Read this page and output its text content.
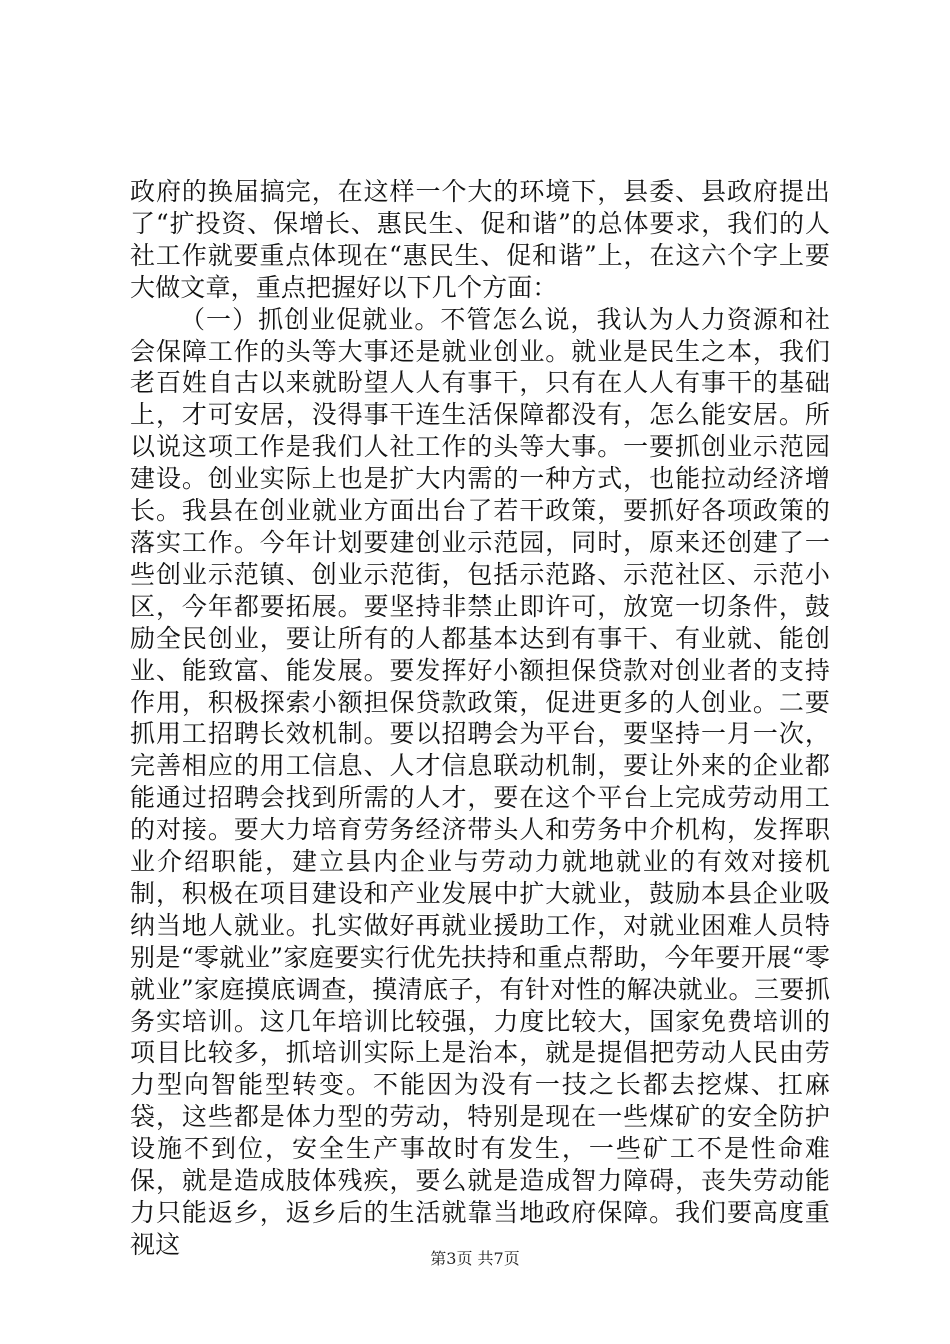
政府的换届搞完，在这样一个大的环境下，县委、县政府提出了“扩投资、保增长、惠民生、促和谐”的总体要求，我们的人社工作就要重点体现在“惠民生、促和谐”上，在这六个字上要大做文章，重点把握好以下几个方面：

（一）抓创业促就业。不管怎么说，我认为人力资源和社会保障工作的头等大事还是就业创业。就业是民生之本，我们老百姓自古以来就盼望人人有事干，只有在人人有事干的基础上，才可安居，没得事干连生活保障都没有，怎么能安居。所以说这项工作是我们人社工作的头等大事。一要抓创业示范园建设。创业实际上也是扩大内需的一种方式，也能拉动经济增长。我县在创业就业方面出台了若干政策，要抓好各项政策的落实工作。今年计划要建创业示范园，同时，原来还创建了一些创业示范镇、创业示范街，包括示范路、示范社区、示范小区，今年都要拓展。要坚持非禁止即许可，放宽一切条件，鼓励全民创业，要让所有的人都基本达到有事干、有业就、能创业、能致富、能发展。要发挥好小额担保贷款对创业者的支持作用，积极探索小额担保贷款政策，促进更多的人创业。二要抓用工招聘长效机制。要以招聘会为平台，要坚持一月一次，完善相应的用工信息、人才信息联动机制，要让外来的企业都能通过招聘会找到所需的人才，要在这个平台上完成劳动用工的对接。要大力培育劳务经济带头人和劳务中介机构，发挥职业介绍职能，建立县内企业与劳动力就地就业的有效对接机制，积极在项目建设和产业发展中扩大就业，鼓励本县企业吸纳当地人就业。扎实做好再就业援助工作，对就业困难人员特别是“零就业”家庭要实行优先扶持和重点帮助，今年要开展“零就业”家庭摸底调查，摸清底子，有针对性的解决就业。三要抓务实培训。这几年培训比较强，力度比较大，国家免费培训的项目比较多，抓培训实际上是治本，就是提倡把劳动人民由劳力型向智能型转变。不能因为没有一技之长都去挖煤、扛麻袋，这些都是体力型的劳动，特别是现在一些煤矿的安全防护设施不到位，安全生产事故时有发生，一些矿工不是性命难保，就是造成肢体残疾，要么就是造成智力障碍，丧失劳动能力只能返乡，返乡后的生活就靠当地政府保障。我们要高度重视这	第3页 共7页
